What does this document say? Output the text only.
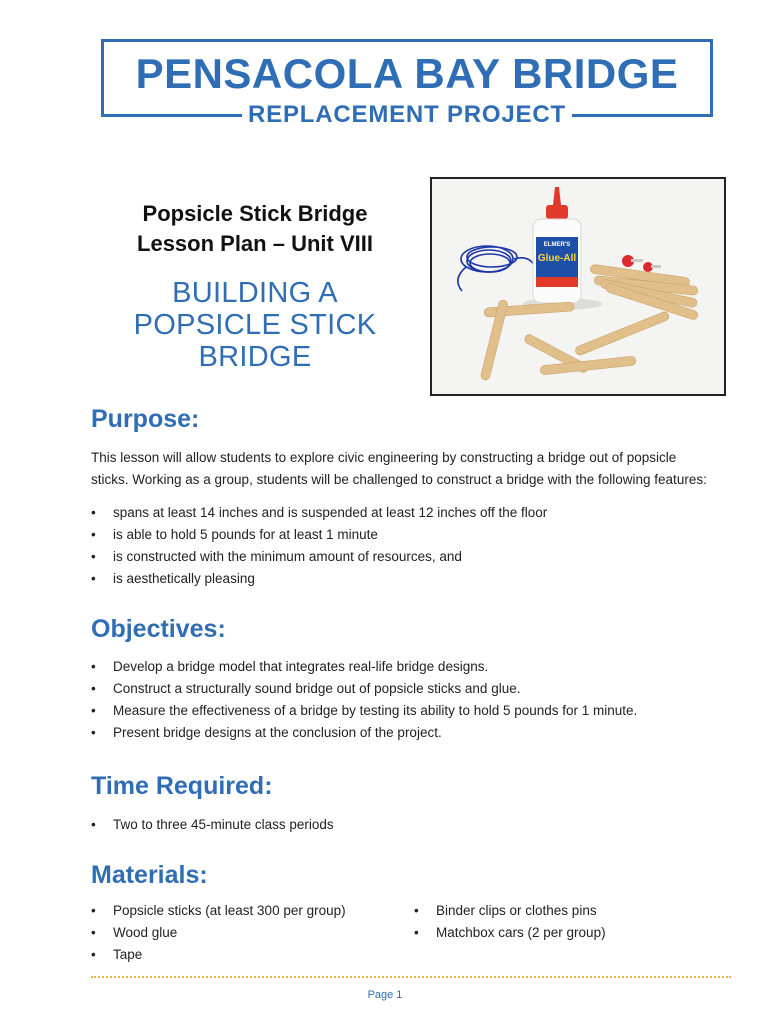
PENSACOLA BAY BRIDGE
REPLACEMENT PROJECT
Popsicle Stick Bridge
Lesson Plan – Unit VIII
BUILDING A
POPSICLE STICK
BRIDGE
ELMER'S
Glue-All
Purpose:

This lesson will allow students to explore civic engineering by constructing a bridge out of popsicle
sticks. Working as a group, students will be challenged to construct a bridge with the following features:

• spans at least 14 inches and is suspended at least 12 inches off the floor
• is able to hold 5 pounds for at least 1 minute
• is constructed with the minimum amount of resources, and
• is aesthetically pleasing
Objectives:
• Develop a bridge model that integrates real-life bridge designs.
• Construct a structurally sound bridge out of popsicle sticks and glue.
• Measure the effectiveness of a bridge by testing its ability to hold 5 pounds for 1 minute.
• Present bridge designs at the conclusion of the project.
Time Required:
• Two to three 45-minute class periods
Materials:
• Popsicle sticks (at least 300 per group)
• Wood glue
• Tape
• Binder clips or clothes pins
• Matchbox cars (2 per group)
Page 1
